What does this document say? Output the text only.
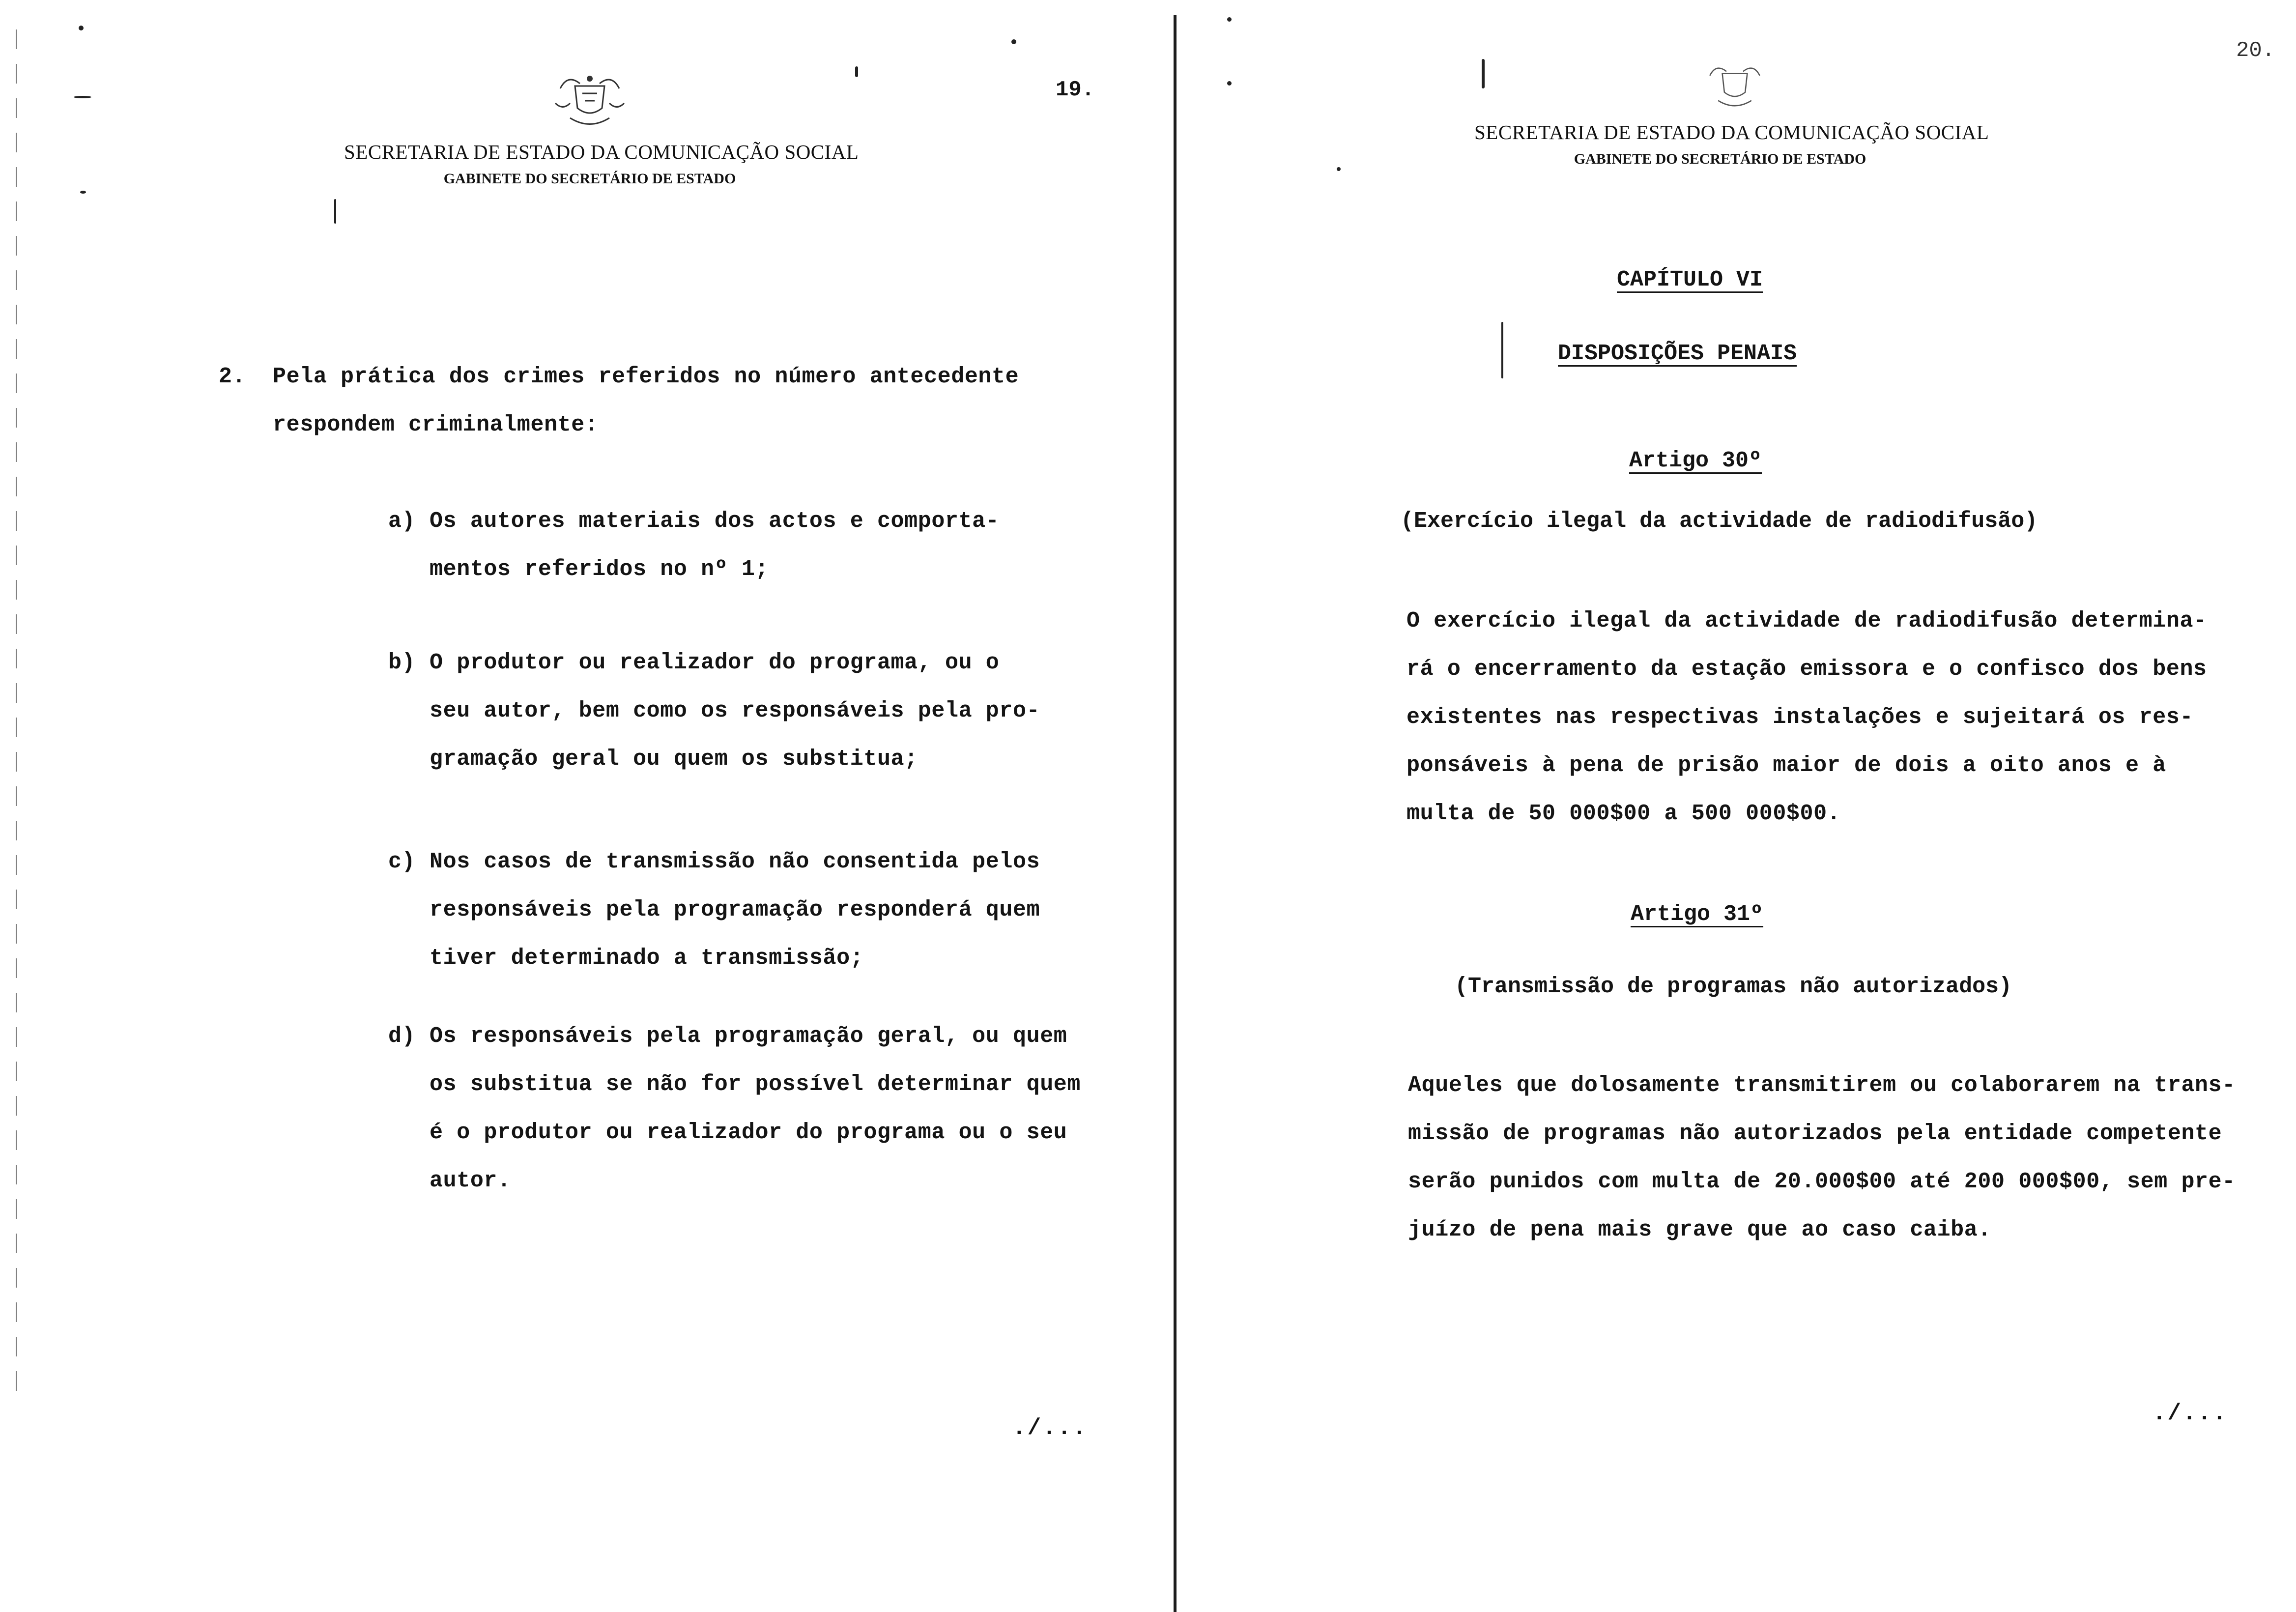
SECRETARIA DE ESTADO DA COMUNICAÇÃO SOCIAL
GABINETE DO SECRETÁRIO DE ESTADO
19.
2. Pela prática dos crimes referidos no número antecedente
respondem criminalmente:
a) Os autores materiais dos actos e comporta-
mentos referidos no nº 1;
b) O produtor ou realizador do programa, ou o
seu autor, bem como os responsáveis pela pro-
gramação geral ou quem os substitua;
c) Nos casos de transmissão não consentida pelos
responsáveis pela programação responderá quem
tiver determinado a transmissão;
d) Os responsáveis pela programação geral, ou quem
os substitua se não for possível determinar quem
é o produtor ou realizador do programa ou o seu
autor.
./...
SECRETARIA DE ESTADO DA COMUNICAÇÃO SOCIAL
GABINETE DO SECRETÁRIO DE ESTADO
20.
CAPÍTULO VI
DISPOSIÇÕES PENAIS
Artigo 30º
(Exercício ilegal da actividade de radiodifusão)
O exercício ilegal da actividade de radiodifusão determina-
rá o encerramento da estação emissora e o confisco dos bens
existentes nas respectivas instalações e sujeitará os res-
ponsáveis à pena de prisão maior de dois a oito anos e à
multa de 50 000$00 a 500 000$00.
Artigo 31º
(Transmissão de programas não autorizados)
Aqueles que dolosamente transmitirem ou colaborarem na trans-
missão de programas não autorizados pela entidade competente
serão punidos com multa de 20.000$00 até 200 000$00, sem pre-
juízo de pena mais grave que ao caso caiba.
./...
